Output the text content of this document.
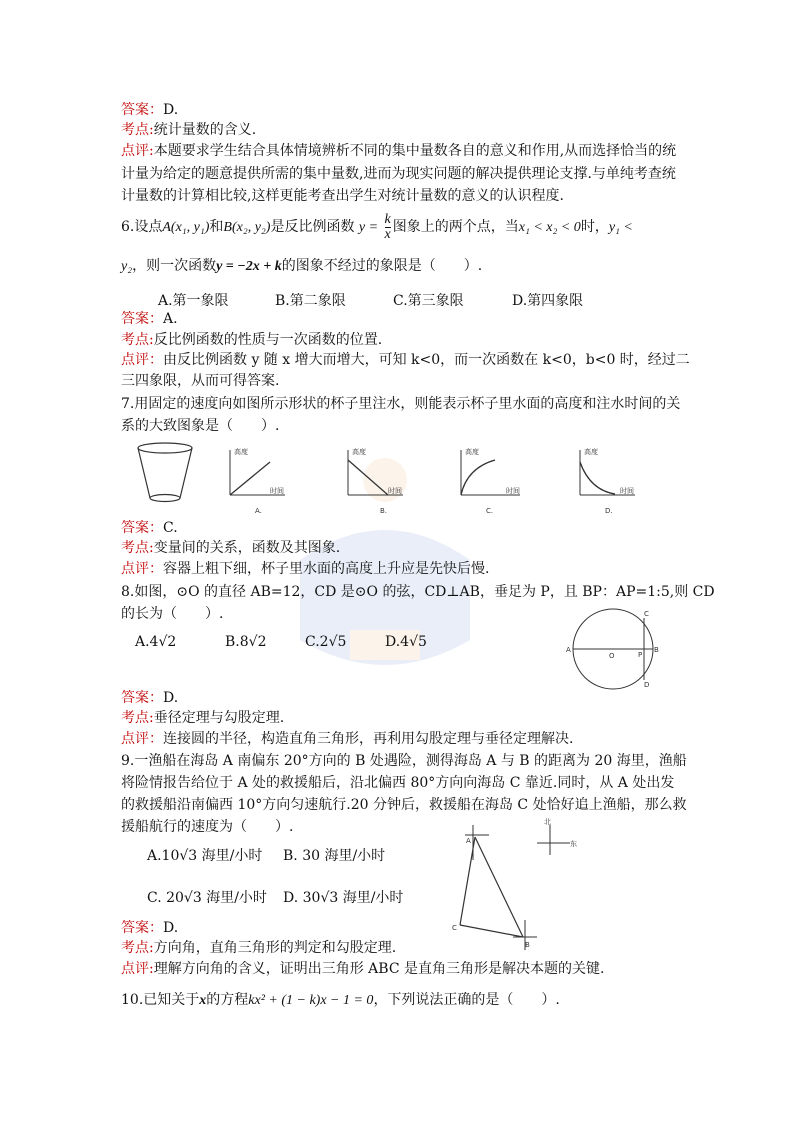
答案：D.
考点:统计量数的含义.
点评:本题要求学生结合具体情境辨析不同的集中量数各自的意义和作用,从而选择恰当的统
计量为给定的题意提供所需的集中量数,进而为现实问题的解决提供理论支撑.与单纯考查统
计量数的计算相比较,这样更能考查出学生对统计量数的意义的认识程度.
6.设点A(x₁, y₁)和B(x₂, y₂)是反比例函数 $y = \frac{k}{x}$ 图象上的两个点，当x₁ < x₂ < 0时，y₁ <
y₂，则一次函数y = −2x + k的图象不经过的象限是（　　）.
A.第一象限	B.第二象限	C.第三象限	D.第四象限
答案：A.
考点:反比例函数的性质与一次函数的位置.
点评：由反比例函数 y 随 x 增大而增大，可知 k<0，而一次函数在 k<0，b<0 时，经过二
三四象限，从而可得答案.
7.用固定的速度向如图所示形状的杯子里注水，则能表示杯子里水面的高度和注水时间的关
系的大致图象是（　　）.
高度
时间
A.
高度
时间
B.
高度
时间
C.
高度
时间
D.
答案：C.
考点:变量间的关系，函数及其图象.
点评：容器上粗下细，杯子里水面的高度上升应是先快后慢.
8.如图，⊙O 的直径 AB=12，CD 是⊙O 的弦，CD⊥AB，垂足为 P，且 BP：AP=1:5,则 CD
的长为（　　）.
A.4√2	B.8√2	C.2√5	D.4√5	A
O	P
B
C
D
答案：D.
考点:垂径定理与勾股定理.
点评：连接圆的半径，构造直角三角形，再利用勾股定理与垂径定理解决.
9.一渔船在海岛 A 南偏东 20°方向的 B 处遇险，测得海岛 A 与 B 的距离为 20 海里，渔船
将险情报告给位于 A 处的救援船后，沿北偏西 80°方向向海岛 C 靠近.同时，从 A 处出发
的救援船沿南偏西 10°方向匀速航行.20 分钟后，救援船在海岛 C 处恰好追上渔船，那么救
援船航行的速度为（　　）.
A.10√3 海里/小时 B. 30 海里/小时
C. 20√3 海里/小时 D. 30√3 海里/小时
北
东
A
C
B
答案：D.
考点:方向角，直角三角形的判定和勾股定理.
点评:理解方向角的含义，证明出三角形 ABC 是直角三角形是解决本题的关键.
10.已知关于x的方程kx² + (1 − k)x − 1 = 0，下列说法正确的是（　　）.
